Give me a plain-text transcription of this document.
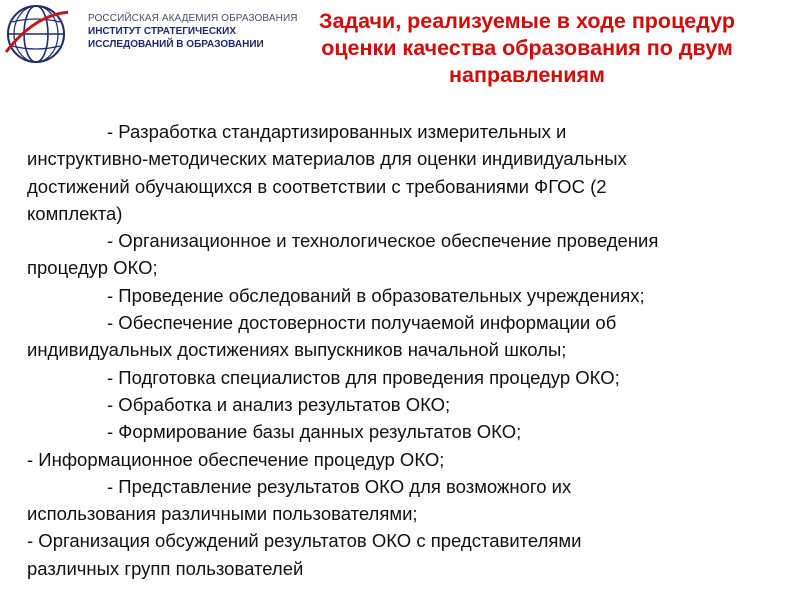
РОССИЙСКАЯ АКАДЕМИЯ ОБРАЗОВАНИЯ
ИНСТИТУТ СТРАТЕГИЧЕСКИХ
ИССЛЕДОВАНИЙ В ОБРАЗОВАНИИ
Задачи, реализуемые в ходе процедур
оценки качества образования по двум
направлениям

- Разработка стандартизированных измерительных и

инструктивно-методических материалов для оценки индивидуальных

достижений обучающихся в соответствии с требованиями ФГОС (2

комплекта)

- Организационное и технологическое обеспечение проведения

процедур ОКО;

- Проведение обследований в образовательных учреждениях;

- Обеспечение достоверности получаемой информации об

индивидуальных достижениях выпускников начальной школы;

- Подготовка специалистов для проведения процедур ОКО;

- Обработка и анализ результатов ОКО;

- Формирование базы данных результатов ОКО;

- Информационное обеспечение процедур ОКО;

- Представление результатов ОКО для возможного их

использования различными пользователями;

- Организация обсуждений результатов ОКО с представителями

различных групп пользователей
